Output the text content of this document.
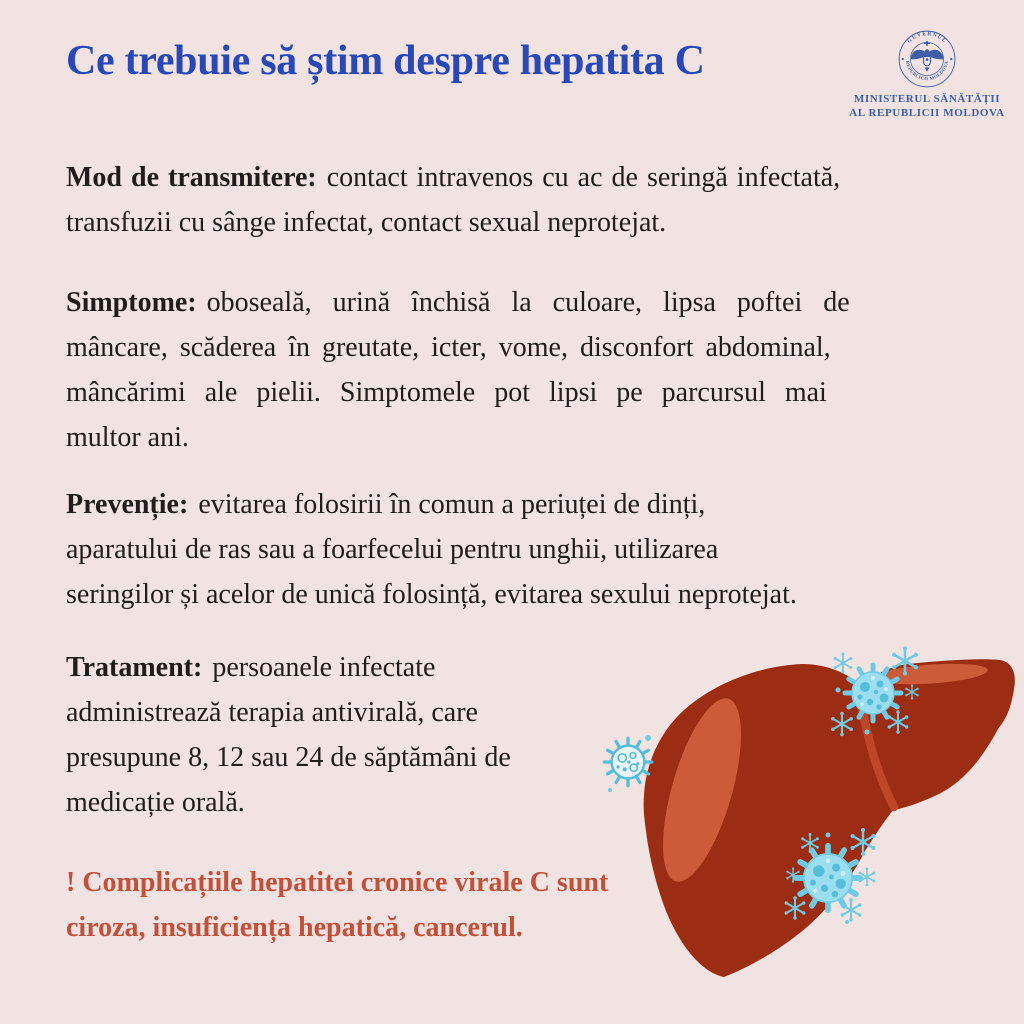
Ce trebuie să știm despre hepatita C	GUVERNUL
REPUBLICII MOLDOVA
MINISTERUL SĂNĂTĂȚII
AL REPUBLICII MOLDOVA
Mod de transmitere: contact intravenos cu ac de seringă infectată,
transfuzii cu sânge infectat, contact sexual neprotejat.
Simptome: oboseală, urină închisă la culoare, lipsa poftei de
mâncare, scăderea în greutate, icter, vome, disconfort abdominal,
mâncărimi ale pielii. Simptomele pot lipsi pe parcursul mai
multor ani.
Prevenție: evitarea folosirii în comun a periuței de dinți,
aparatului de ras sau a foarfecelui pentru unghii, utilizarea
seringilor și acelor de unică folosință, evitarea sexului neprotejat.
Tratament: persoanele infectate
administrează terapia antivirală, care
presupune 8, 12 sau 24 de săptămâni de
medicație orală.
! Complicațiile hepatitei cronice virale C sunt
ciroza, insuficiența hepatică, cancerul.
